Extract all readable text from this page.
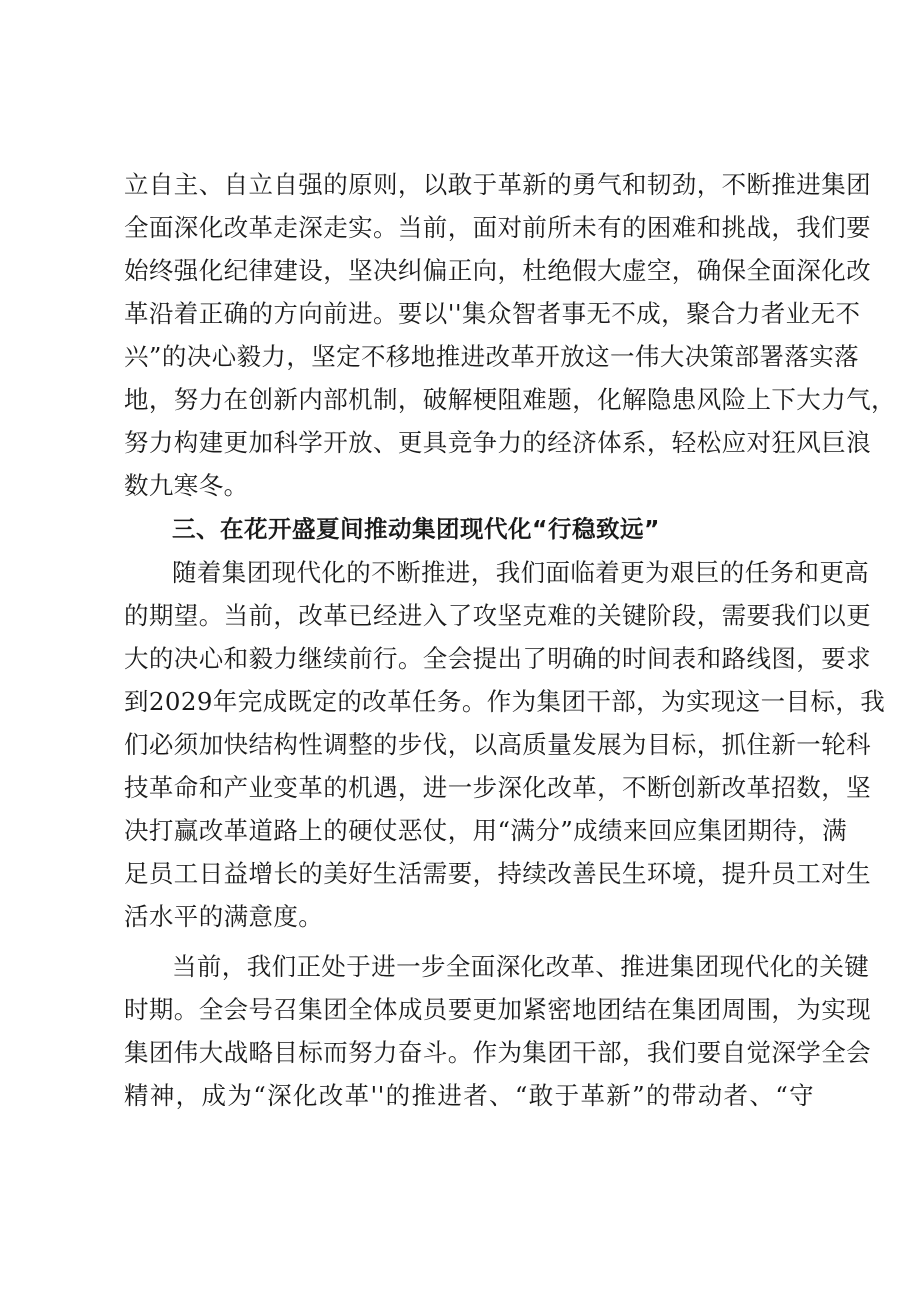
立自主、自立自强的原则，以敢于革新的勇气和韧劲，不断推进集团
全面深化改革走深走实。当前，面对前所未有的困难和挑战，我们要
始终强化纪律建设，坚决纠偏正向，杜绝假大虚空，确保全面深化改
革沿着正确的方向前进。要以''集众智者事无不成，聚合力者业无不
兴”的决心毅力，坚定不移地推进改革开放这一伟大决策部署落实落
地，努力在创新内部机制，破解梗阻难题，化解隐患风险上下大力气，
努力构建更加科学开放、更具竞争力的经济体系，轻松应对狂风巨浪
数九寒冬。
三、在花开盛夏间推动集团现代化“行稳致远”
随着集团现代化的不断推进，我们面临着更为艰巨的任务和更高
的期望。当前，改革已经进入了攻坚克难的关键阶段，需要我们以更
大的决心和毅力继续前行。全会提出了明确的时间表和路线图，要求
到2029年完成既定的改革任务。作为集团干部，为实现这一目标，我
们必须加快结构性调整的步伐，以高质量发展为目标，抓住新一轮科
技革命和产业变革的机遇，进一步深化改革，不断创新改革招数，坚
决打赢改革道路上的硬仗恶仗，用“满分”成绩来回应集团期待，满
足员工日益增长的美好生活需要，持续改善民生环境，提升员工对生
活水平的满意度。
当前，我们正处于进一步全面深化改革、推进集团现代化的关键
时期。全会号召集团全体成员要更加紧密地团结在集团周围，为实现
集团伟大战略目标而努力奋斗。作为集团干部，我们要自觉深学全会
精神，成为“深化改革''的推进者、“敢于革新”的带动者、“守
